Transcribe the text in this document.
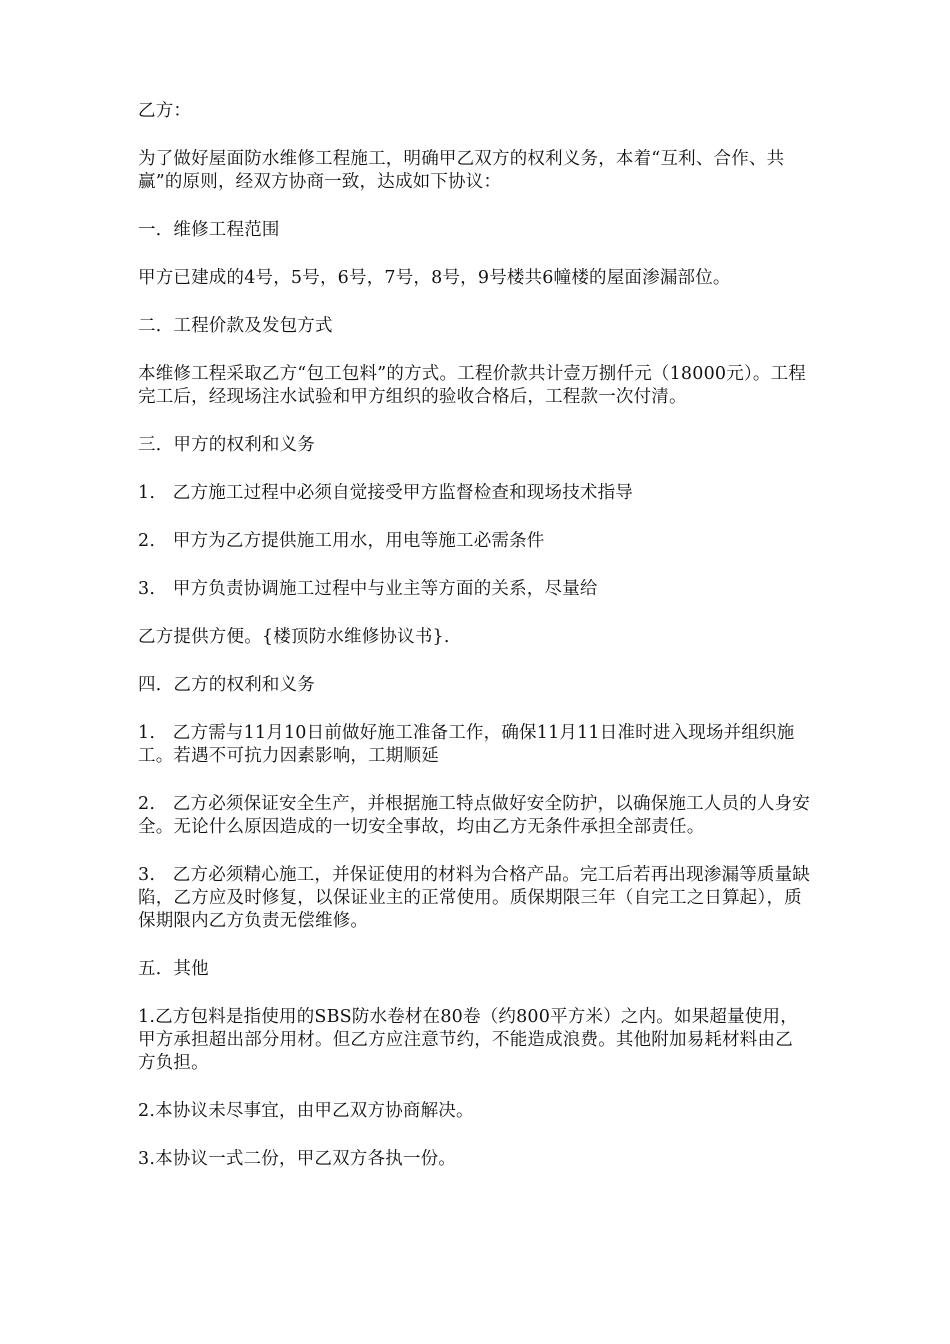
乙方：

为了做好屋面防水维修工程施工，明确甲乙双方的权利义务，本着“互利、合作、共赢”的原则，经双方协商一致，达成如下协议：

一．维修工程范围

甲方已建成的4号，5号，6号，7号，8号，9号楼共6幢楼的屋面渗漏部位。

二．工程价款及发包方式

本维修工程采取乙方“包工包料”的方式。工程价款共计壹万捌仟元（18000元）。工程完工后，经现场注水试验和甲方组织的验收合格后，工程款一次付清。

三．甲方的权利和义务

1.　乙方施工过程中必须自觉接受甲方监督检查和现场技术指导

2.　甲方为乙方提供施工用水，用电等施工必需条件

3.　甲方负责协调施工过程中与业主等方面的关系，尽量给

乙方提供方便。{楼顶防水维修协议书}.

四．乙方的权利和义务

1.　乙方需与11月10日前做好施工准备工作，确保11月11日准时进入现场并组织施工。若遇不可抗力因素影响，工期顺延

2.　乙方必须保证安全生产，并根据施工特点做好安全防护，以确保施工人员的人身安全。无论什么原因造成的一切安全事故，均由乙方无条件承担全部责任。

3.　乙方必须精心施工，并保证使用的材料为合格产品。完工后若再出现渗漏等质量缺陷，乙方应及时修复，以保证业主的正常使用。质保期限三年（自完工之日算起），质保期限内乙方负责无偿维修。

五．其他

1.乙方包料是指使用的SBS防水卷材在80卷（约800平方米）之内。如果超量使用，甲方承担超出部分用材。但乙方应注意节约，不能造成浪费。其他附加易耗材料由乙方负担。

2.本协议未尽事宜，由甲乙双方协商解决。

3.本协议一式二份，甲乙双方各执一份。
